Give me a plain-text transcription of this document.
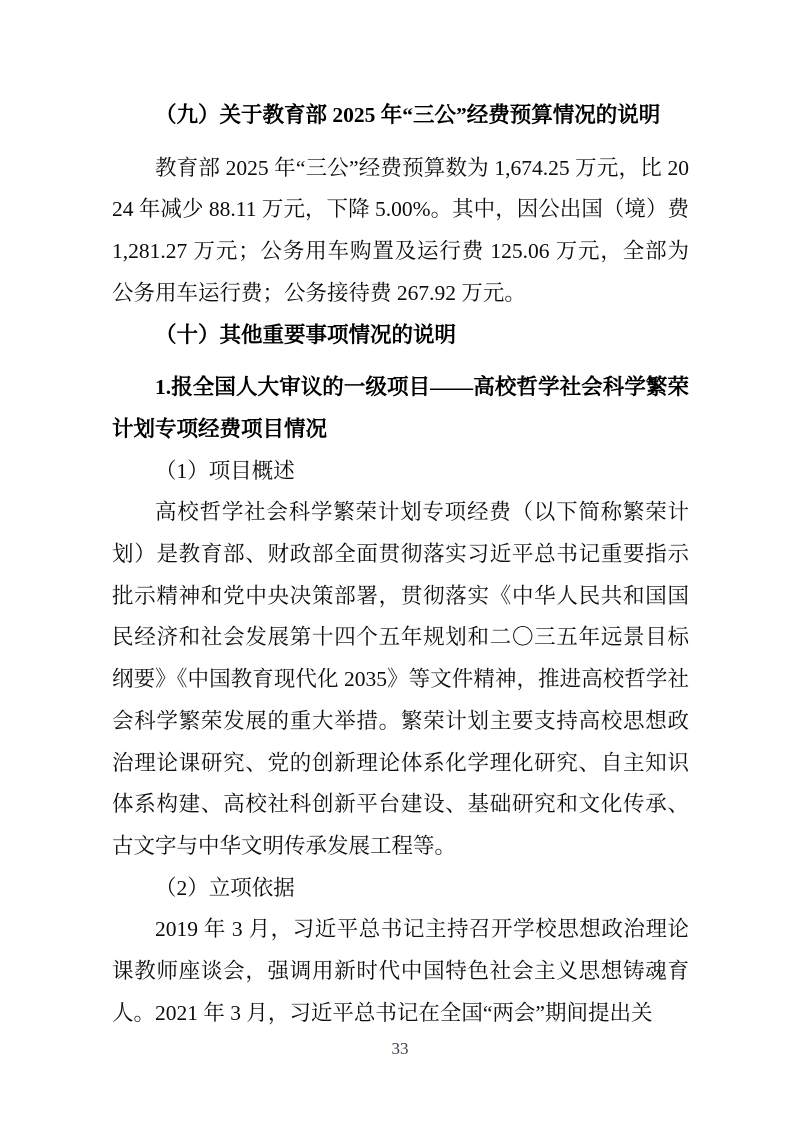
（九）关于教育部 2025 年“三公”经费预算情况的说明

教育部 2025 年“三公”经费预算数为 1,674.25 万元，比 2024 年减少 88.11 万元，下降 5.00%。其中，因公出国（境）费 1,281.27 万元；公务用车购置及运行费 125.06 万元，全部为公务用车运行费；公务接待费 267.92 万元。

（十）其他重要事项情况的说明

1.报全国人大审议的一级项目——高校哲学社会科学繁荣计划专项经费项目情况

（1）项目概述

高校哲学社会科学繁荣计划专项经费（以下简称繁荣计划）是教育部、财政部全面贯彻落实习近平总书记重要指示批示精神和党中央决策部署，贯彻落实《中华人民共和国国民经济和社会发展第十四个五年规划和二〇三五年远景目标纲要》《中国教育现代化 2035》等文件精神，推进高校哲学社会科学繁荣发展的重大举措。繁荣计划主要支持高校思想政治理论课研究、党的创新理论体系化学理化研究、自主知识体系构建、高校社科创新平台建设、基础研究和文化传承、古文字与中华文明传承发展工程等。

（2）立项依据

2019 年 3 月，习近平总书记主持召开学校思想政治理论课教师座谈会，强调用新时代中国特色社会主义思想铸魂育人。2021 年 3 月，习近平总书记在全国“两会”期间提出关

33
